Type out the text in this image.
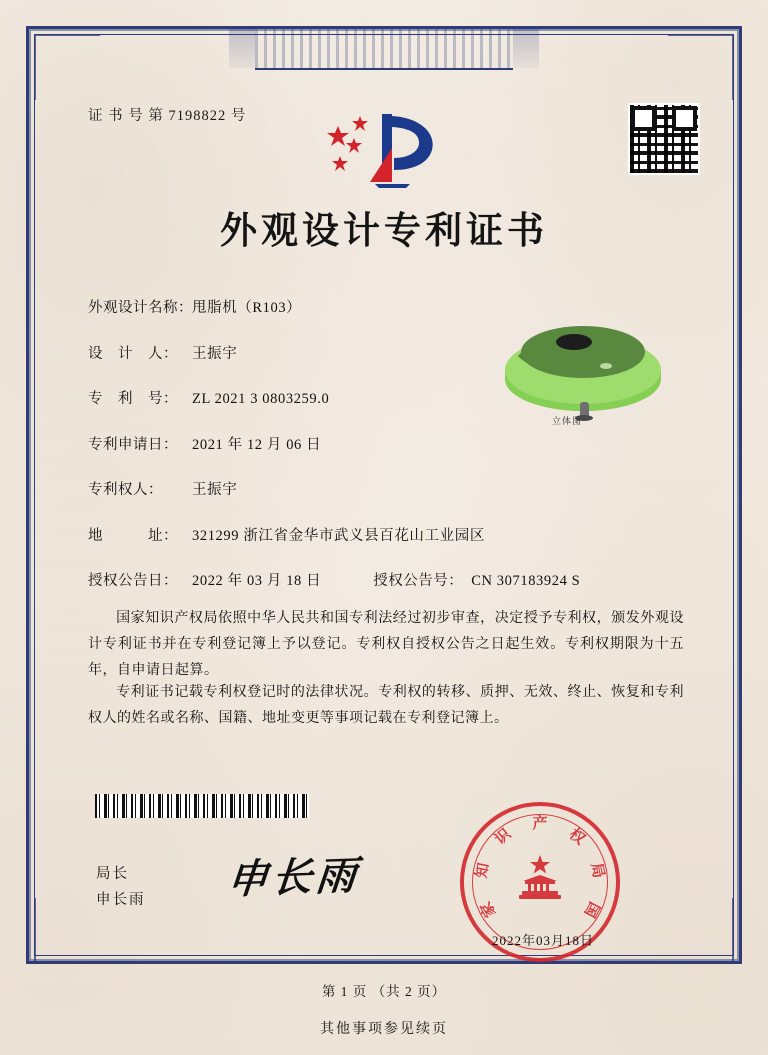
证 书 号 第 7198822 号
外观设计专利证书
立体图
外观设计名称： 甩脂机（R103）
设　计　人： 王振宇
专　利　号： ZL 2021 3 0803259.0
专利申请日： 2021 年 12 月 06 日
专利权人：	王振宇
地　　　址： 321299 浙江省金华市武义县百花山工业园区
授权公告日： 2022 年 03 月 18 日	授权公告号： CN 307183924 S
国家知识产权局依照中华人民共和国专利法经过初步审查，决定授予专利权，颁发外观设计专利证书并在专利登记簿上予以登记。专利权自授权公告之日起生效。专利权期限为十五年，自申请日起算。
专利证书记载专利权登记时的法律状况。专利权的转移、质押、无效、终止、恢复和专利权人的姓名或名称、国籍、地址变更等事项记载在专利登记簿上。
局长
申长雨 申长雨
家
知
识
产
权
局
国
2022年03月18日
第 1 页 （共 2 页）
其他事项参见续页
